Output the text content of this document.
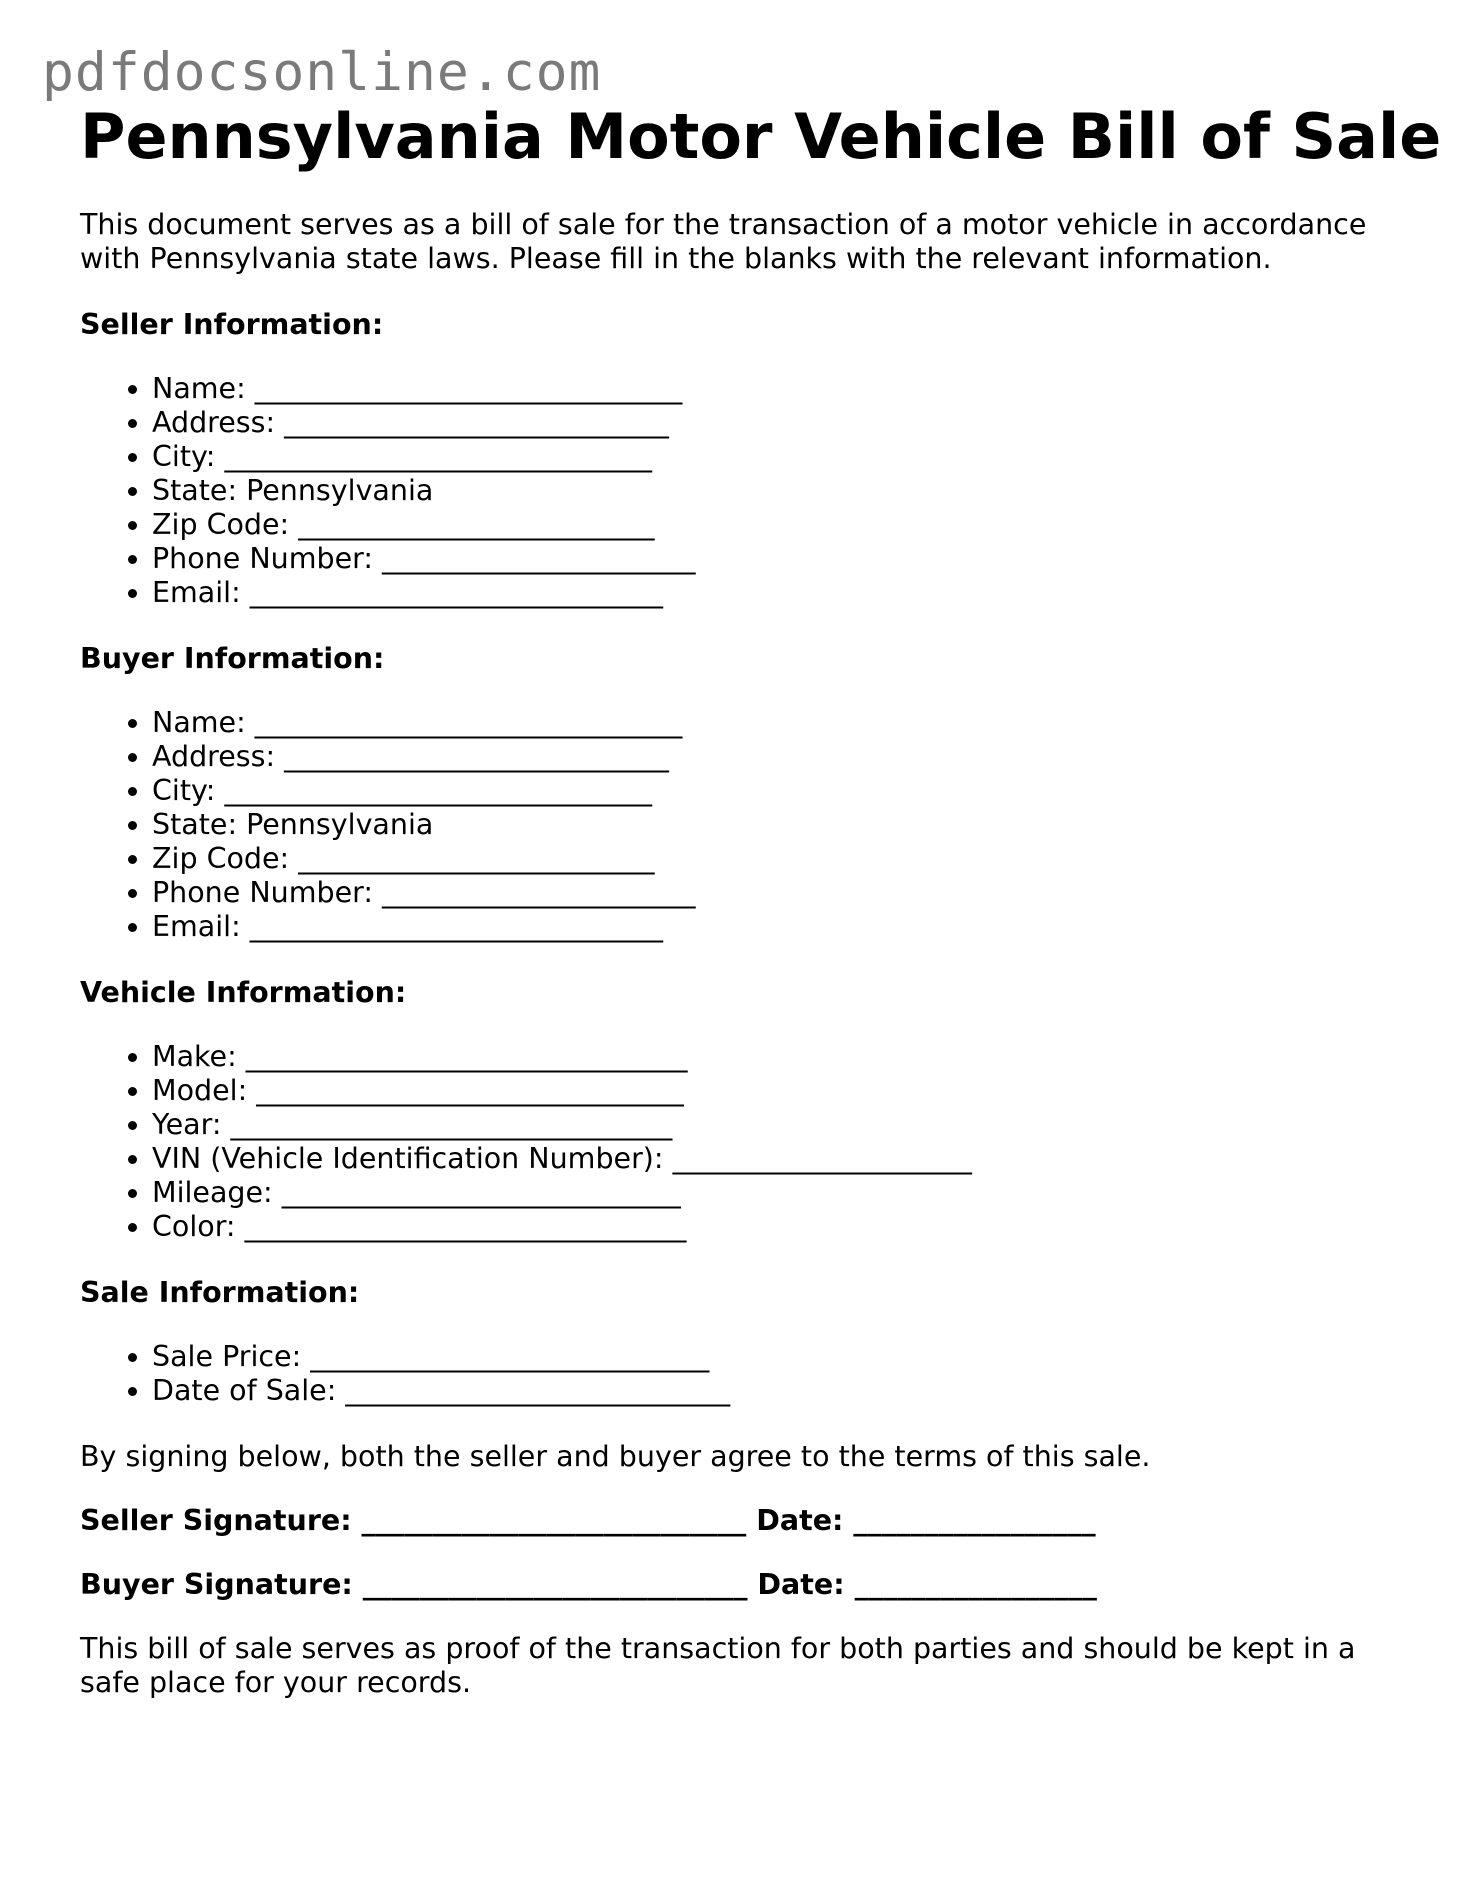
pdfdocsonline.com
Pennsylvania Motor Vehicle Bill of Sale

This document serves as a bill of sale for the transaction of a motor vehicle in accordance with Pennsylvania state laws. Please fill in the blanks with the relevant information.

Seller Information:
• Name: ______________________________
• Address: ___________________________
• City: ______________________________
• State: Pennsylvania
• Zip Code: _________________________
• Phone Number: ______________________
• Email: _____________________________
Buyer Information:
• Name: ______________________________
• Address: ___________________________
• City: ______________________________
• State: Pennsylvania
• Zip Code: _________________________
• Phone Number: ______________________
• Email: _____________________________
Vehicle Information:
• Make: _______________________________
• Model: ______________________________
• Year: _______________________________
• VIN (Vehicle Identification Number): _____________________
• Mileage: ____________________________
• Color: _______________________________
Sale Information:
• Sale Price: ____________________________
• Date of Sale: ___________________________

By signing below, both the seller and buyer agree to the terms of this sale.

Seller Signature: ___________________________ Date: _________________
Buyer Signature: ___________________________ Date: _________________

This bill of sale serves as proof of the transaction for both parties and should be kept in a safe place for your records.
